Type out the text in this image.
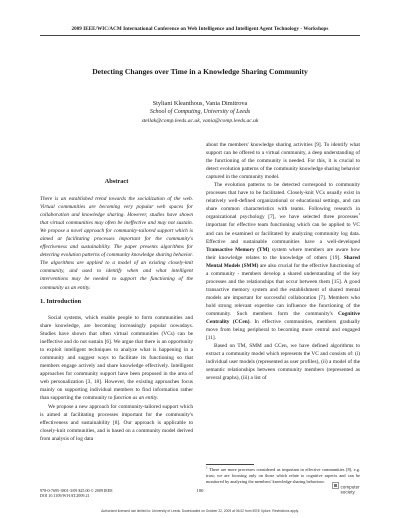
2009 IEEE/WIC/ACM International Conference on Web Intelligence and Intelligent Agent Technology - Workshops
Detecting Changes over Time in a Knowledge Sharing Community
Styliani Kleanthous, Vania Dimitrova
School of Computing, University of Leeds
stellak@comp.leeds.ac.uk, vania@comp.leeds.ac.uk
Abstract
There is an established trend towards the socialization of the web. Virtual communities are becoming very popular web spaces for collaboration and knowledge sharing. However, studies have shown that virtual communities may often be ineffective and may not sustain. We propose a novel approach for community-tailored support which is aimed at facilitating processes important for the community's effectiveness and sustainability. The paper presents algorithms for detecting evolution patterns of community knowledge sharing behavior. The algorithms are applied to a model of an existing closely-knit community, and used to identify when and what intelligent interventions may be needed to support the functioning of the community as an entity.
1. Introduction

Social systems, which enable people to form communities and share knowledge, are becoming increasingly popular nowadays. Studies have shown that often virtual communities (VCs) can be ineffective and do not sustain [6]. We argue that there is an opportunity to exploit intelligent techniques to analyze what is happening in a community and suggest ways to facilitate its functioning so that members engage actively and share knowledge effectively. Intelligent approaches for community support have been proposed in the area of web personalization [3, 18]. However, the existing approaches focus mainly on supporting individual members to find information rather than supporting the community to function as an entity.

We propose a new approach for community-tailored support which is aimed at facilitating processes important for the community's effectiveness and sustainability [8]. Our approach is applicable to closely-knit communities, and is based on a community model derived from analysis of log data

about the members' knowledge sharing activities [9]. To identify what support can be offered to a virtual community, a deep understanding of the functioning of the community is needed. For this, it is crucial to detect evolution patterns of the community knowledge sharing behavior captured in the community model.

The evolution patterns to be detected correspond to community processes that have to be facilitated. Closely-knit VCs usually exist in relatively well-defined organizational or educational settings, and can share common characteristics with teams. Following research in organizational psychology [7], we have selected three processes$^1$ important for effective team functioning which can be applied to VC and can be examined or facilitated by analyzing community log data. Effective and sustainable communities have a well-developed Transactive Memory (TM) system where members are aware how their knowledge relates to the knowledge of others [19]. Shared Mental Models (SMM) are also crucial for the effective functioning of a community - members develop a shared understanding of the key processes and the relationships that occur between them [15]. A good transactive memory system and the establishment of shared mental models are important for successful collaboration [7]. Members who hold strong relevant expertise can influence the functioning of the community. Such members form the community's Cognitive Centrality (CCen). In effective communities, members gradually move from being peripheral to becoming more central and engaged [11].

Based on TM, SMM and CCen, we have defined algorithms to extract a community model which represents the VC and consists of: (i) individual user models (represented as user profiles), (ii) a model of the semantic relationships between community members (represented as several graphs), (iii) a list of

$^1$ There are more processes considered as important in effective communities [8], e.g. trust; we are focusing only on those which relate to cognitive aspects and can be monitored by analyzing the members' knowledge sharing behaviour.
978-0-7695-3801-3/09 $25.00 © 2009 IEEE
DOI 10.1109/WI-IAT.2009.21
100
computer
society
Authorized licensed use limited to: University of Leeds. Downloaded on October 22, 2009 at 06:02 from IEEE Xplore. Restrictions apply.
